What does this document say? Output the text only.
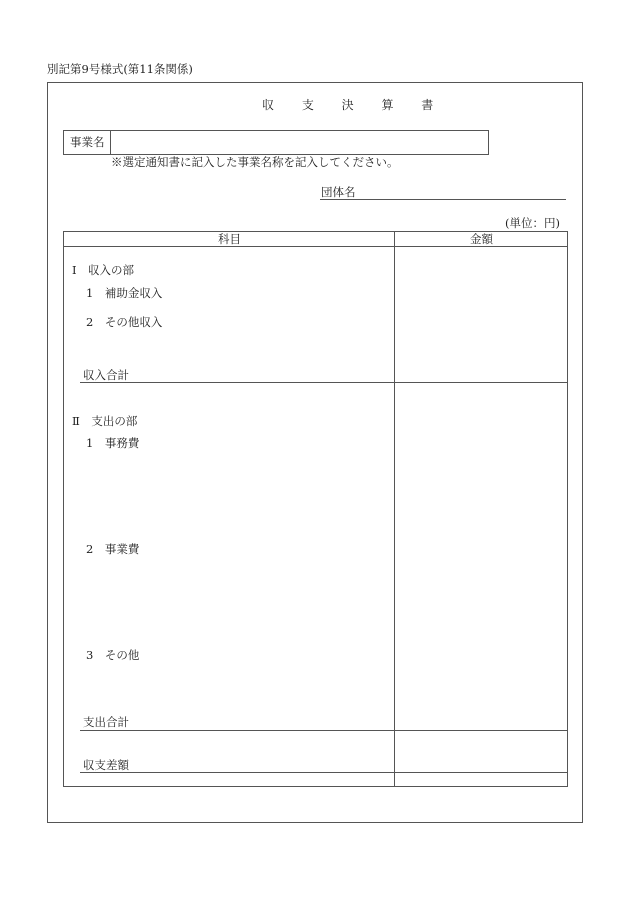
別記第9号様式(第11条関係)
収 支 決 算 書
事業名
※選定通知書に記入した事業名称を記入してください。
団体名
(単位：円)
科目	金額
Ⅰ　収入の部
1　補助金収入
2　その他収入
収入合計
Ⅱ　支出の部
1　事務費
2　事業費
3　その他
支出合計
収支差額
